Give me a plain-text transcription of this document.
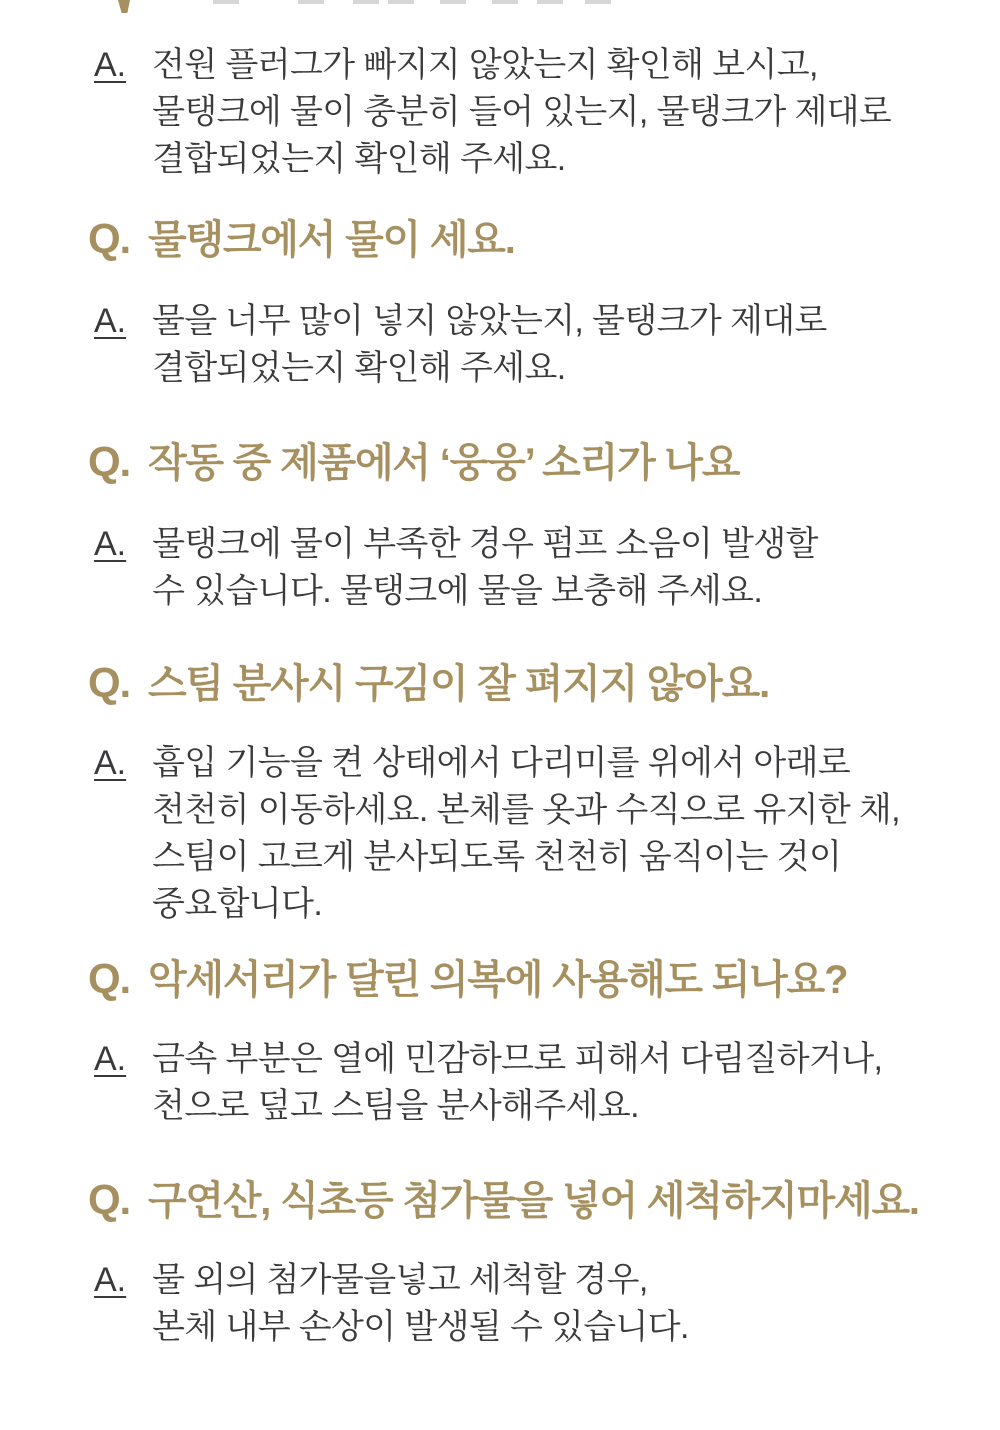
A. 전원 플러그가 빠지지 않았는지 확인해 보시고,
물탱크에 물이 충분히 들어 있는지, 물탱크가 제대로
결합되었는지 확인해 주세요.
Q. 물탱크에서 물이 세요.
A. 물을 너무 많이 넣지 않았는지, 물탱크가 제대로
결합되었는지 확인해 주세요.
Q. 작동 중 제품에서 ‘웅웅’ 소리가 나요
A. 물탱크에 물이 부족한 경우 펌프 소음이 발생할
수 있습니다. 물탱크에 물을 보충해 주세요.
Q. 스팀 분사시 구김이 잘 펴지지 않아요.
A. 흡입 기능을 켠 상태에서 다리미를 위에서 아래로
천천히 이동하세요. 본체를 옷과 수직으로 유지한 채,
스팀이 고르게 분사되도록 천천히 움직이는 것이
중요합니다.
Q. 악세서리가 달린 의복에 사용해도 되나요?
A. 금속 부분은 열에 민감하므로 피해서 다림질하거나,
천으로 덮고 스팀을 분사해주세요.
Q. 구연산, 식초등 첨가물을 넣어 세척하지마세요.
A. 물 외의 첨가물을넣고 세척할 경우,
본체 내부 손상이 발생될 수 있습니다.
